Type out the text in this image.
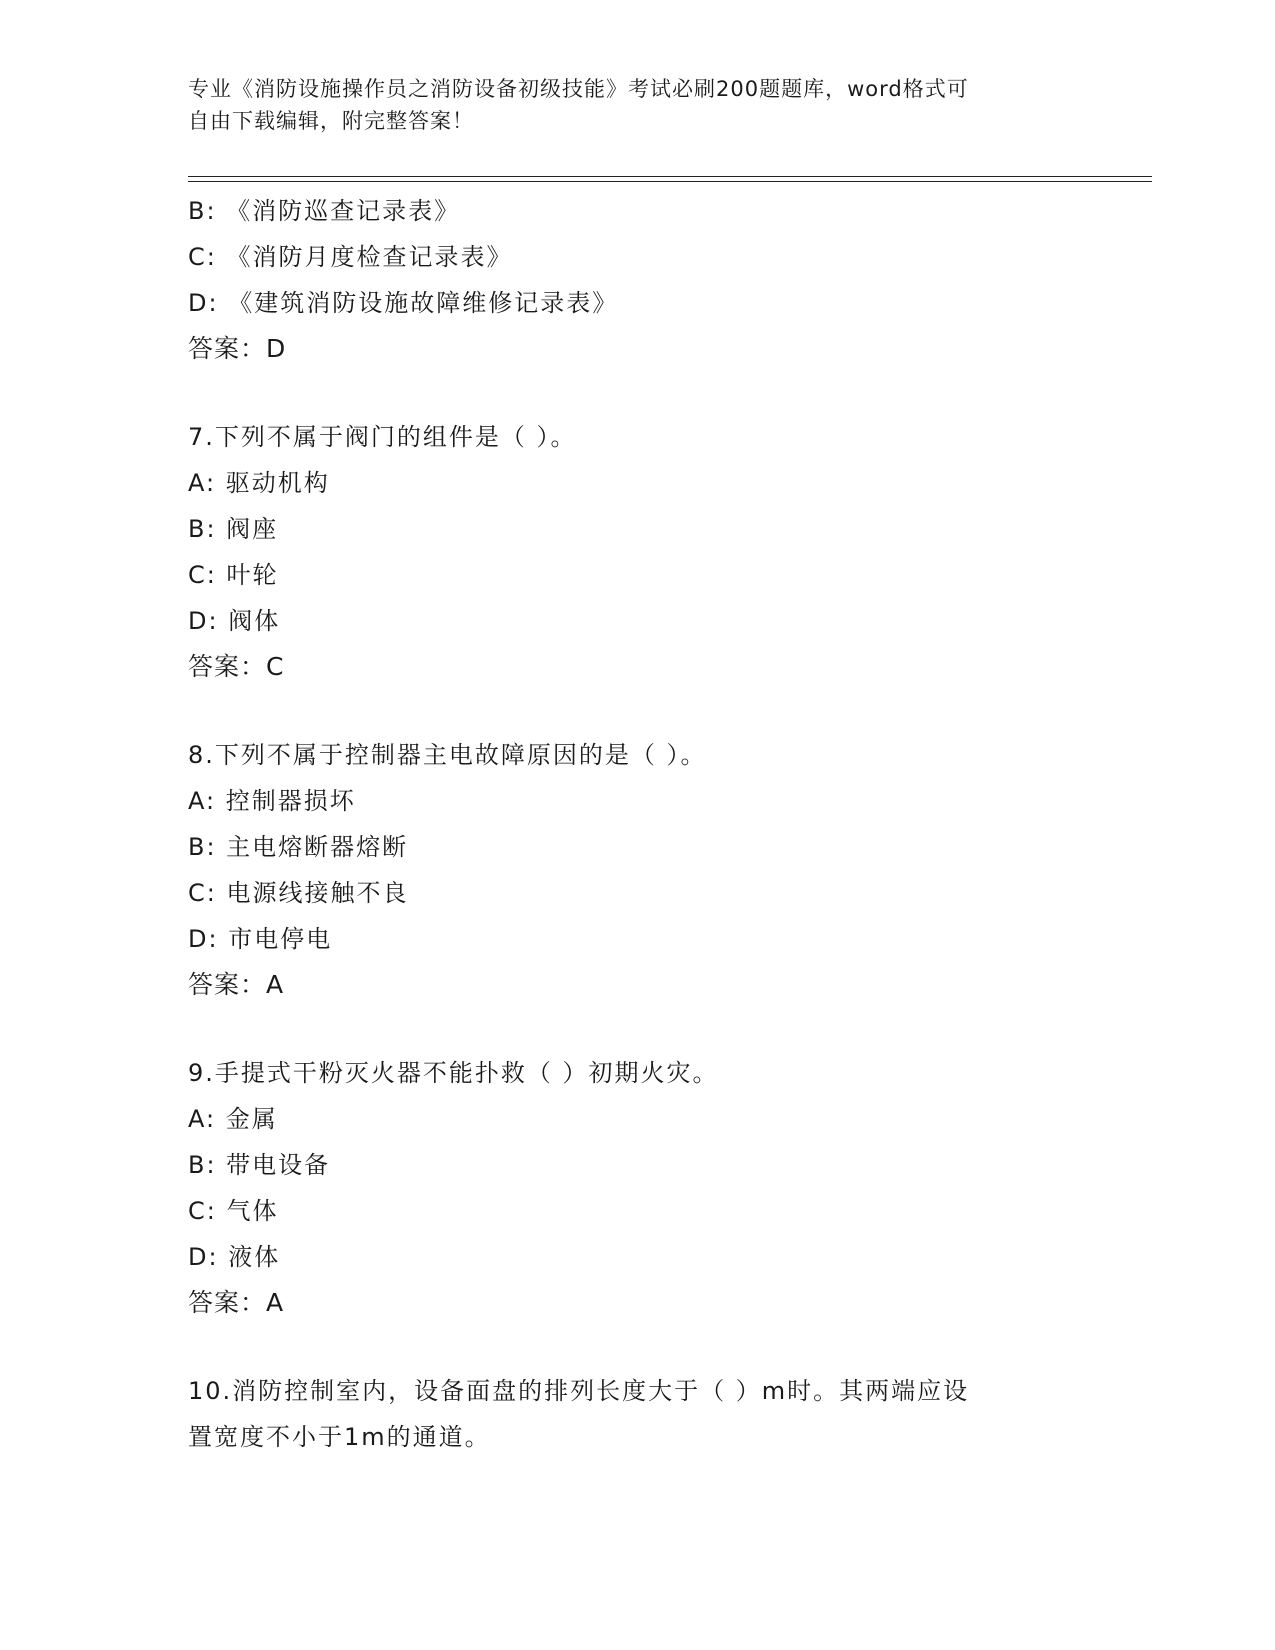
专业《消防设施操作员之消防设备初级技能》考试必刷200题题库，word格式可
自由下载编辑，附完整答案！
B: 《消防巡查记录表》
C: 《消防月度检查记录表》
D: 《建筑消防设施故障维修记录表》
答案：D
7.下列不属于阀门的组件是（ ）。
A: 驱动机构
B: 阀座
C: 叶轮
D: 阀体
答案：C
8.下列不属于控制器主电故障原因的是（ ）。
A: 控制器损坏
B: 主电熔断器熔断
C: 电源线接触不良
D: 市电停电
答案：A
9.手提式干粉灭火器不能扑救（ ）初期火灾。
A: 金属
B: 带电设备
C: 气体
D: 液体
答案：A
10.消防控制室内，设备面盘的排列长度大于（ ）m时。其两端应设
置宽度不小于1m的通道。
